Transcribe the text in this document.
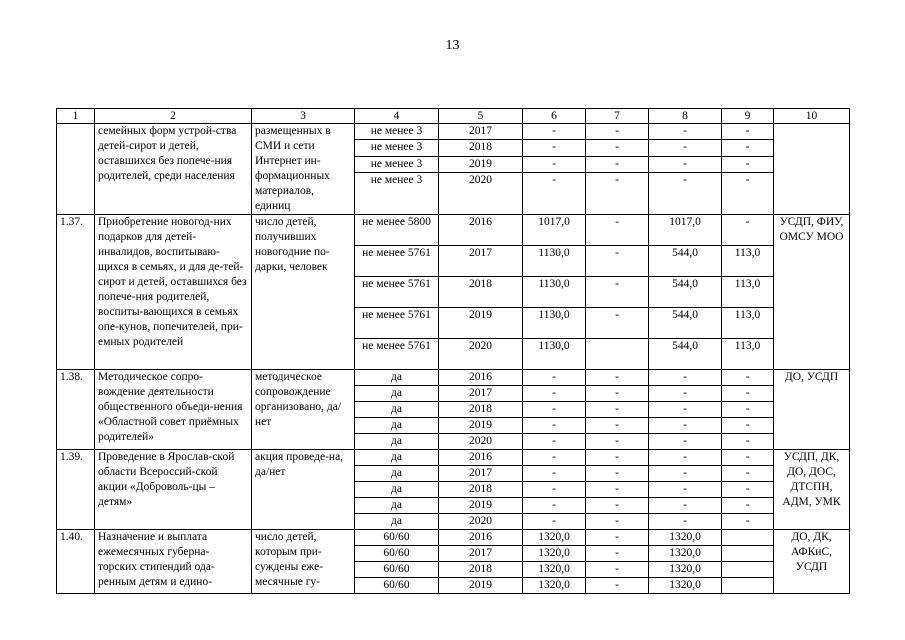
13
1	2	3	4	5	6	7	8	9	10
	семейных форм устрой-ства детей-сирот и детей, оставшихся без попече-ния родителей, среди населения	размещенных в СМИ и сети Интернет ин-формационных материалов, единиц	не менее 3	2017	-	-	-	-	
			не менее 3	2018	-	-	-	-	
			не менее 3	2019	-	-	-	-	
			не менее 3	2020	-	-	-	-	
1.37.	Приобретение новогод-них подарков для детей-инвалидов, воспитываю-щихся в семьях, и для де-тей-сирот и детей, оставшихся без попече-ния родителей, воспиты-вающихся в семьях опе-кунов, попечителей, при-емных родителей	число детей, получивших новогодние по-дарки, человек	не менее 5800	2016	1017,0	-	1017,0	-	УСДП, ФИУ, ОМСУ МОО
			не менее 5761	2017	1130,0	-	544,0	113,0	
			не менее 5761	2018	1130,0	-	544,0	113,0	
			не менее 5761	2019	1130,0	-	544,0	113,0	
			не менее 5761	2020	1130,0		544,0	113,0	
1.38.	Методическое сопро-вождение деятельности общественного объеди-нения «Областной совет приёмных родителей»	методическое сопровождение организовано, да/нет	да	2016	-	-	-	-	ДО, УСДП
			да	2017	-	-	-	-	
			да	2018	-	-	-	-	
			да	2019	-	-	-	-	
			да	2020	-	-	-	-	
1.39.	Проведение в Ярослав-ской области Всероссий-ской акции «Доброволь-цы – детям»	акция проведе-на, да/нет	да	2016	-	-	-	-	УСДП, ДК, ДО, ДОС, ДТСПН, АДМ, УМК
			да	2017	-	-	-	-	
			да	2018	-	-	-	-	
			да	2019	-	-	-	-	
			да	2020	-	-	-	-	
1.40.	Назначение и выплата ежемесячных губерна-торских стипендий ода-ренным детям и едино-	число детей, которым при-суждены еже-месячные гу-	60/60	2016	1320,0	-	1320,0		ДО, ДК, АФКиС, УСДП
			60/60	2017	1320,0	-	1320,0		
			60/60	2018	1320,0	-	1320,0		
			60/60	2019	1320,0	-	1320,0		
